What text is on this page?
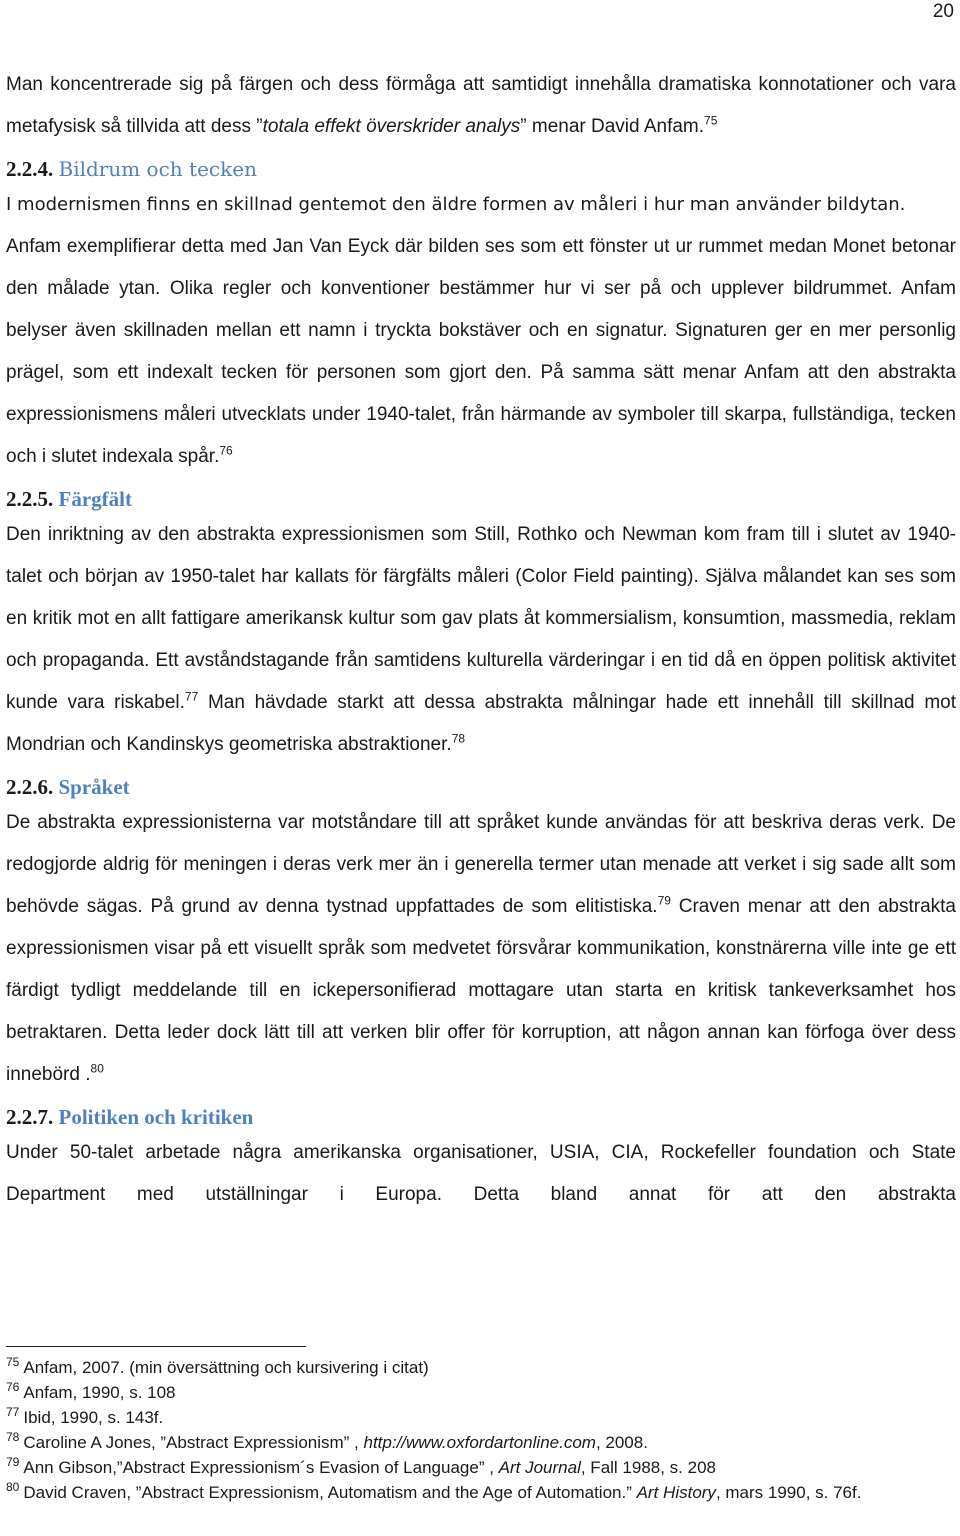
20

Man koncentrerade sig på färgen och dess förmåga att samtidigt innehålla dramatiska konnotationer och vara metafysisk så tillvida att dess ”totala effekt överskrider analys” menar David Anfam.$^{75}$

2.2.4. Bildrum och tecken

I modernismen finns en skillnad gentemot den äldre formen av måleri i hur man använder bildytan.

Anfam exemplifierar detta med Jan Van Eyck där bilden ses som ett fönster ut ur rummet medan Monet betonar den målade ytan. Olika regler och konventioner bestämmer hur vi ser på och upplever bildrummet. Anfam belyser även skillnaden mellan ett namn i tryckta bokstäver och en signatur. Signaturen ger en mer personlig prägel, som ett indexalt tecken för personen som gjort den. På samma sätt menar Anfam att den abstrakta expressionismens måleri utvecklats under 1940-talet, från härmande av symboler till skarpa, fullständiga, tecken och i slutet indexala spår.$^{76}$

2.2.5. Färgfält

Den inriktning av den abstrakta expressionismen som Still, Rothko och Newman kom fram till i slutet av 1940-talet och början av 1950-talet har kallats för färgfälts måleri (Color Field painting). Själva målandet kan ses som en kritik mot en allt fattigare amerikansk kultur som gav plats åt kommersialism, konsumtion, massmedia, reklam och propaganda. Ett avståndstagande från samtidens kulturella värderingar i en tid då en öppen politisk aktivitet kunde vara riskabel.$^{77}$ Man hävdade starkt att dessa abstrakta målningar hade ett innehåll till skillnad mot Mondrian och Kandinskys geometriska abstraktioner.$^{78}$

2.2.6. Språket

De abstrakta expressionisterna var motståndare till att språket kunde användas för att beskriva deras verk. De redogjorde aldrig för meningen i deras verk mer än i generella termer utan menade att verket i sig sade allt som behövde sägas. På grund av denna tystnad uppfattades de som elitistiska.$^{79}$ Craven menar att den abstrakta expressionismen visar på ett visuellt språk som medvetet försvårar kommunikation, konstnärerna ville inte ge ett färdigt tydligt meddelande till en ickepersonifierad mottagare utan starta en kritisk tankeverksamhet hos betraktaren. Detta leder dock lätt till att verken blir offer för korruption, att någon annan kan förfoga över dess innebörd .$^{80}$

2.2.7. Politiken och kritiken

Under 50-talet arbetade några amerikanska organisationer, USIA, CIA, Rockefeller foundation och State Department med utställningar i Europa. Detta bland annat för att den abstrakta

$^{75}$ Anfam, 2007. (min översättning och kursivering i citat)

$^{76}$ Anfam, 1990, s. 108

$^{77}$ Ibid, 1990, s. 143f.

$^{78}$ Caroline A Jones, ”Abstract Expressionism” , http://www.oxfordartonline.com, 2008.

$^{79}$ Ann Gibson,”Abstract Expressionism´s Evasion of Language” , Art Journal, Fall 1988, s. 208

$^{80}$ David Craven, ”Abstract Expressionism, Automatism and the Age of Automation.” Art History, mars 1990, s. 76f.
